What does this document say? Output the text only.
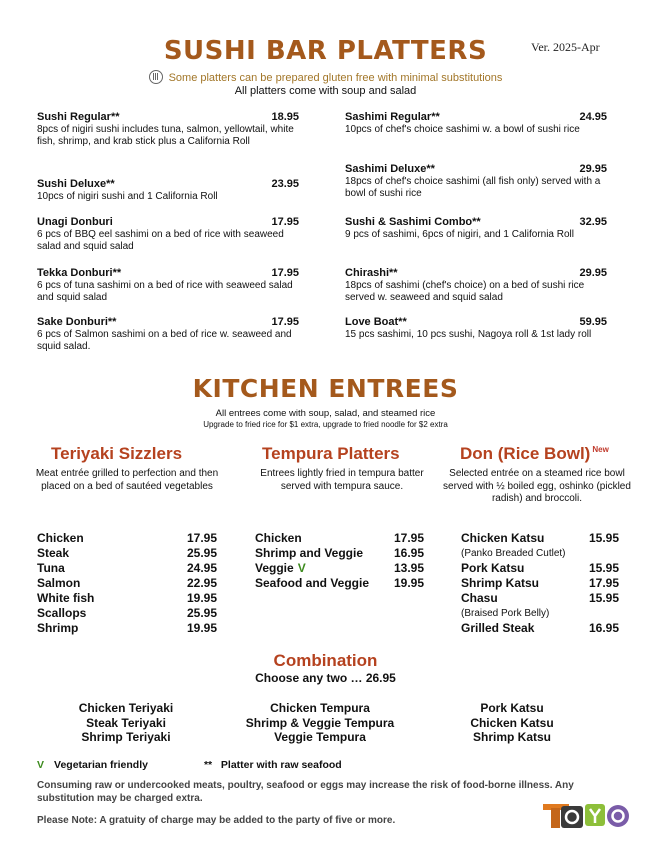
Ver. 2025-Apr
SUSHI BAR PLATTERS
Some platters can be prepared gluten free with minimal substitutions
All platters come with soup and salad
Sushi Regular**	18.95
8pcs of nigiri sushi includes tuna, salmon, yellowtail, white fish, shrimp, and krab stick plus a California Roll
Sushi Deluxe**	23.95
10pcs of nigiri sushi and 1 California Roll
Unagi Donburi	17.95
6 pcs of BBQ eel sashimi on a bed of rice with seaweed salad and squid salad
Tekka Donburi**	17.95
6 pcs of tuna sashimi on a bed of rice with seaweed salad and squid salad
Sake Donburi**	17.95
6 pcs of Salmon sashimi on a bed of rice w. seaweed and squid salad.
Sashimi Regular**	24.95
10pcs of chef's choice sashimi w. a bowl of sushi rice
Sashimi Deluxe**	29.95
18pcs of chef's choice sashimi (all fish only) served with a bowl of sushi rice
Sushi & Sashimi Combo**	32.95
9 pcs of sashimi, 6pcs of nigiri, and 1 California Roll
Chirashi**	29.95
18pcs of sashimi (chef's choice) on a bed of sushi rice served w. seaweed and squid salad
Love Boat**	59.95
15 pcs sashimi, 10 pcs sushi, Nagoya roll & 1st lady roll
KITCHEN ENTREES
All entrees come with soup, salad, and steamed rice
Upgrade to fried rice for $1 extra, upgrade to fried noodle for $2 extra
Teriyaki Sizzlers	Tempura Platters	Don (Rice Bowl) $^{New}$
Meat entrée grilled to perfection and then placed on a bed of sautéed vegetables
Entrees lightly fried in tempura batter served with tempura sauce.
Selected entrée on a steamed rice bowl served with ½ boiled egg, oshinko (pickled radish) and broccoli.
Chicken	17.95
Steak	25.95
Tuna	24.95
Salmon	22.95
White fish	19.95
Scallops	25.95
Shrimp	19.95
Chicken	17.95
Shrimp and Veggie	16.95
Veggie V	13.95
Seafood and Veggie 19.95
Chicken Katsu	15.95
(Panko Breaded Cutlet)
Pork Katsu	15.95
Shrimp Katsu	17.95
Chasu	15.95
(Braised Pork Belly)
Grilled Steak	16.95
Combination
Choose any two … 26.95
Chicken Teriyaki
Steak Teriyaki
Shrimp Teriyaki
Chicken Tempura
Shrimp & Veggie Tempura
Veggie Tempura
Pork Katsu
Chicken Katsu
Shrimp Katsu
V Vegetarian friendly	** Platter with raw seafood
Consuming raw or undercooked meats, poultry, seafood or eggs may increase the risk of food-borne illness. Any substitution may be charged extra.
Please Note: A gratuity of charge may be added to the party of five or more.
